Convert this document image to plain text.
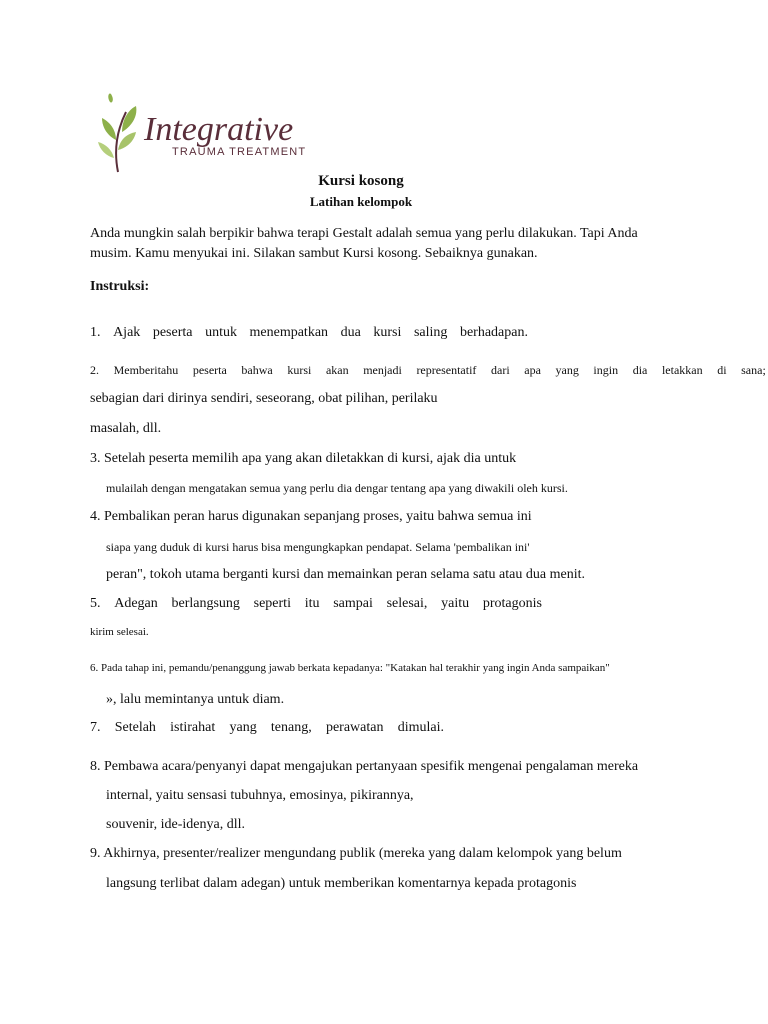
Integrative
TRAUMA TREATMENT
Kursi kosong
Latihan kelompok
Anda mungkin salah berpikir bahwa terapi Gestalt adalah semua yang perlu dilakukan. Tapi Anda
musim. Kamu menyukai ini. Silakan sambut Kursi kosong. Sebaiknya gunakan.
Instruksi:
1. Ajak peserta untuk menempatkan dua kursi saling berhadapan.
2. Memberitahu peserta bahwa kursi akan menjadi representatif dari apa yang ingin dia letakkan di sana;
sebagian dari dirinya sendiri, seseorang, obat pilihan, perilaku
masalah, dll.
3. Setelah peserta memilih apa yang akan diletakkan di kursi, ajak dia untuk
mulailah dengan mengatakan semua yang perlu dia dengar tentang apa yang diwakili oleh kursi.
4. Pembalikan peran harus digunakan sepanjang proses, yaitu bahwa semua ini
siapa yang duduk di kursi harus bisa mengungkapkan pendapat. Selama 'pembalikan ini'
peran", tokoh utama berganti kursi dan memainkan peran selama satu atau dua menit.
5. Adegan berlangsung seperti itu sampai selesai, yaitu protagonis
kirim selesai.
6. Pada tahap ini, pemandu/penanggung jawab berkata kepadanya: "Katakan hal terakhir yang ingin Anda sampaikan"
», lalu memintanya untuk diam.
7. Setelah istirahat yang tenang, perawatan dimulai.
8. Pembawa acara/penyanyi dapat mengajukan pertanyaan spesifik mengenai pengalaman mereka
internal, yaitu sensasi tubuhnya, emosinya, pikirannya,
souvenir, ide-idenya, dll.
9. Akhirnya, presenter/realizer mengundang publik (mereka yang dalam kelompok yang belum
langsung terlibat dalam adegan) untuk memberikan komentarnya kepada protagonis
